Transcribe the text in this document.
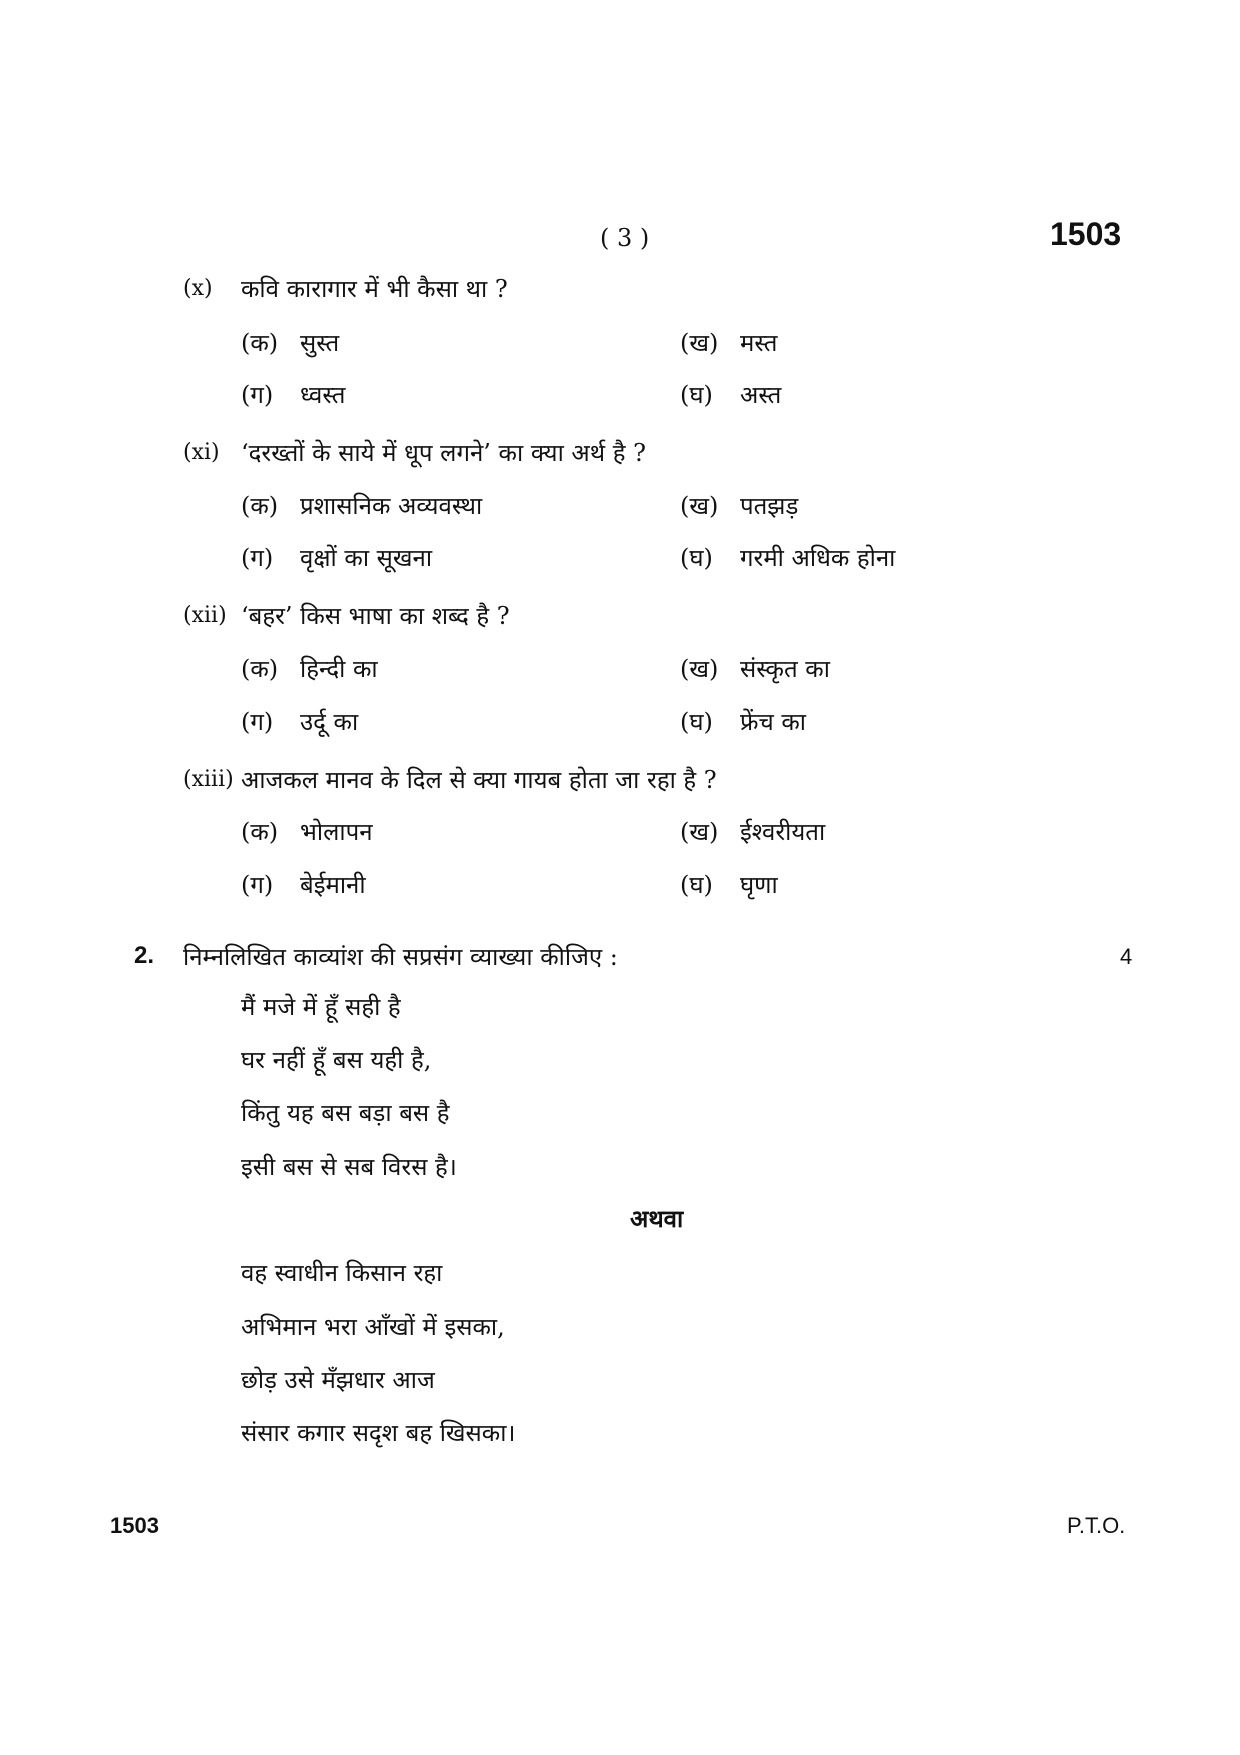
( 3 )	1503
(x) कवि कारागार में भी कैसा था ?
(क) सुस्त	(ख) मस्त
(ग) ध्वस्त	(घ) अस्त
(xi) ‘दरख्तों के साये में धूप लगने’ का क्या अर्थ है ?
(क) प्रशासनिक अव्यवस्था	(ख) पतझड़
(ग) वृक्षों का सूखना	(घ) गरमी अधिक होना
(xii) ‘बहर’ किस भाषा का शब्द है ?
(क) हिन्दी का	(ख) संस्कृत का
(ग) उर्दू का	(घ) फ्रेंच का
(xiii) आजकल मानव के दिल से क्या गायब होता जा रहा है ?
(क) भोलापन	(ख) ईश्वरीयता
(ग) बेईमानी	(घ) घृणा
2. निम्नलिखित काव्यांश की सप्रसंग व्याख्या कीजिए :	4
मैं मजे में हूँ सही है
घर नहीं हूँ बस यही है,
किंतु यह बस बड़ा बस है
इसी बस से सब विरस है।
अथवा
वह स्वाधीन किसान रहा
अभिमान भरा आँखों में इसका,
छोड़ उसे मँझधार आज
संसार कगार सदृश बह खिसका।
1503	P.T.O.
